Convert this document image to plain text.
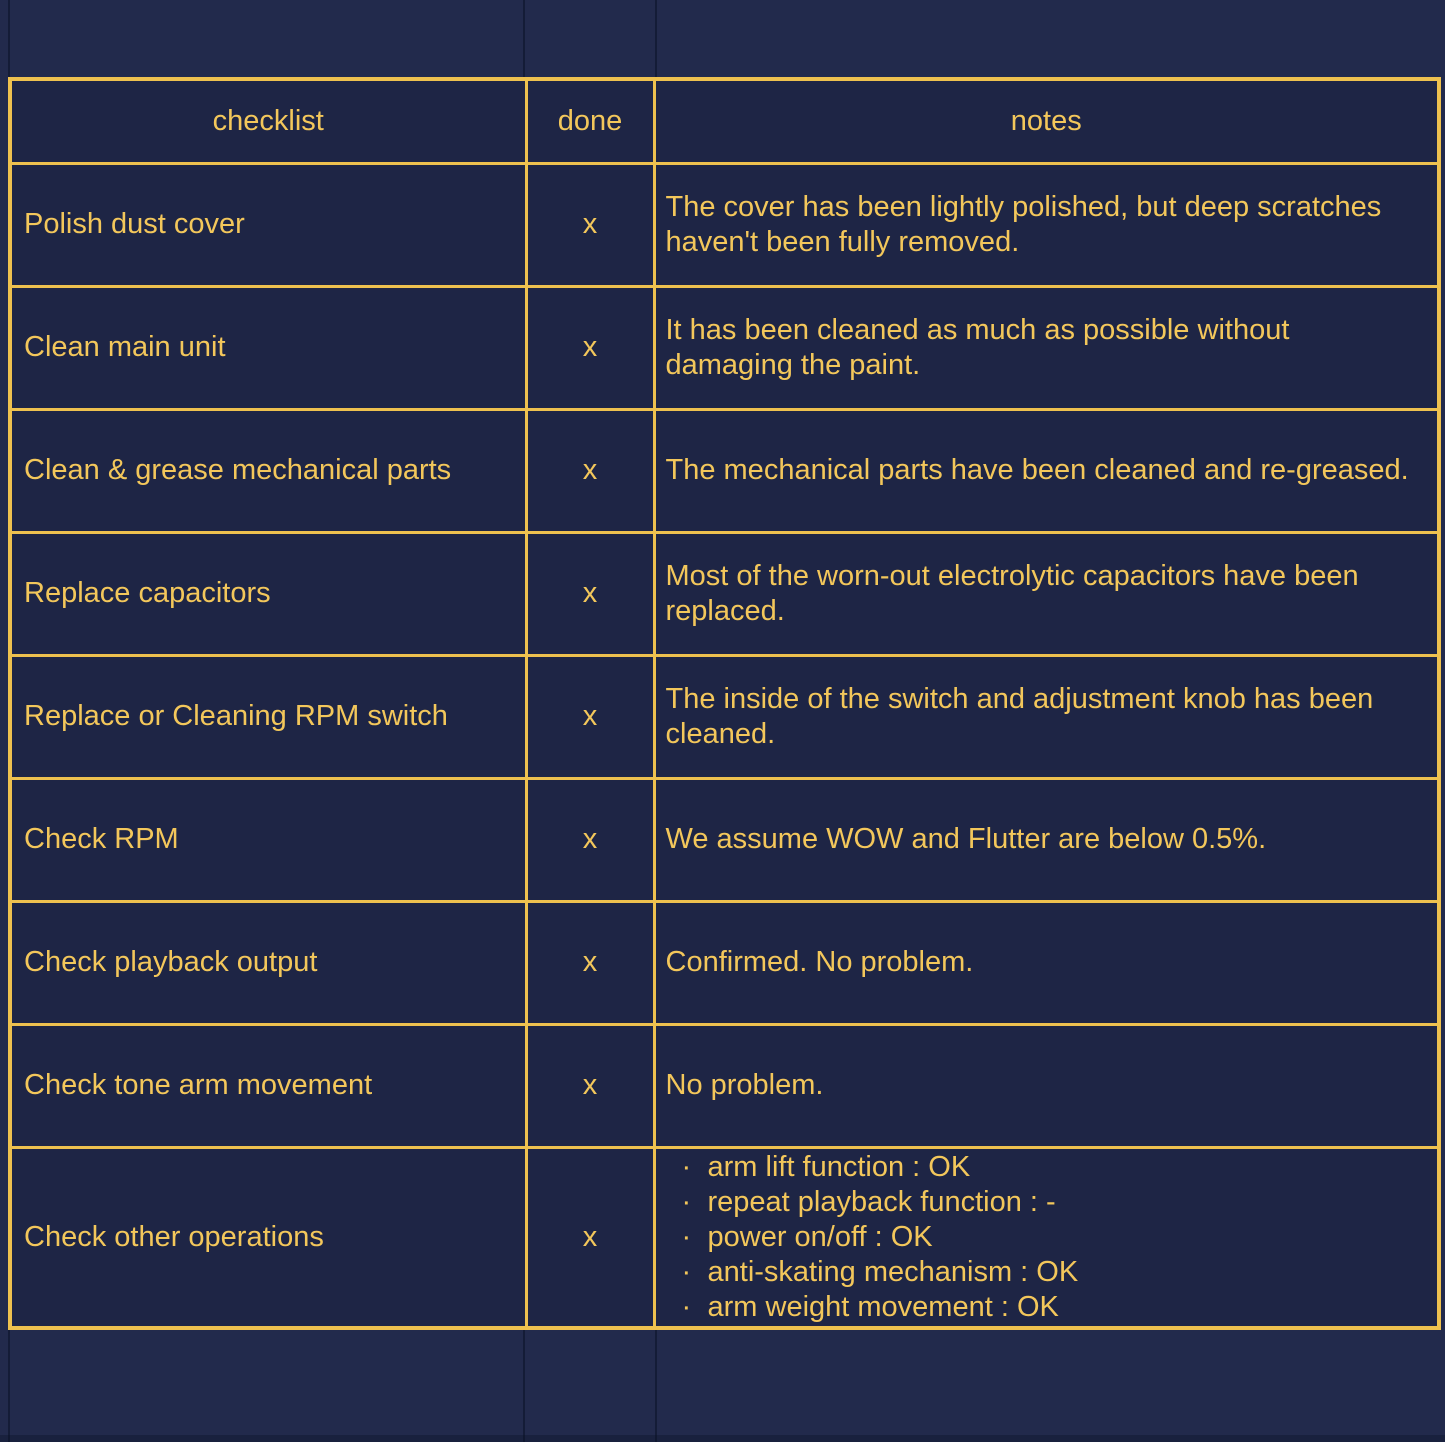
checklist	done	notes
Polish dust cover	x	The cover has been lightly polished, but deep scratches haven't been fully removed.
Clean main unit	x	It has been cleaned as much as possible without damaging the paint.
Clean & grease mechanical parts	x	The mechanical parts have been cleaned and re-greased.
Replace capacitors	x	Most of the worn-out electrolytic capacitors have been replaced.
Replace or Cleaning RPM switch	x	The inside of the switch and adjustment knob has been cleaned.
Check RPM	x	We assume WOW and Flutter are below 0.5%.
Check playback output	x	Confirmed. No problem.
Check tone arm movement	x	No problem.
Check other operations	x	· arm lift function : OK
· repeat playback function : -
· power on/off : OK
· anti-skating mechanism : OK
· arm weight movement : OK
